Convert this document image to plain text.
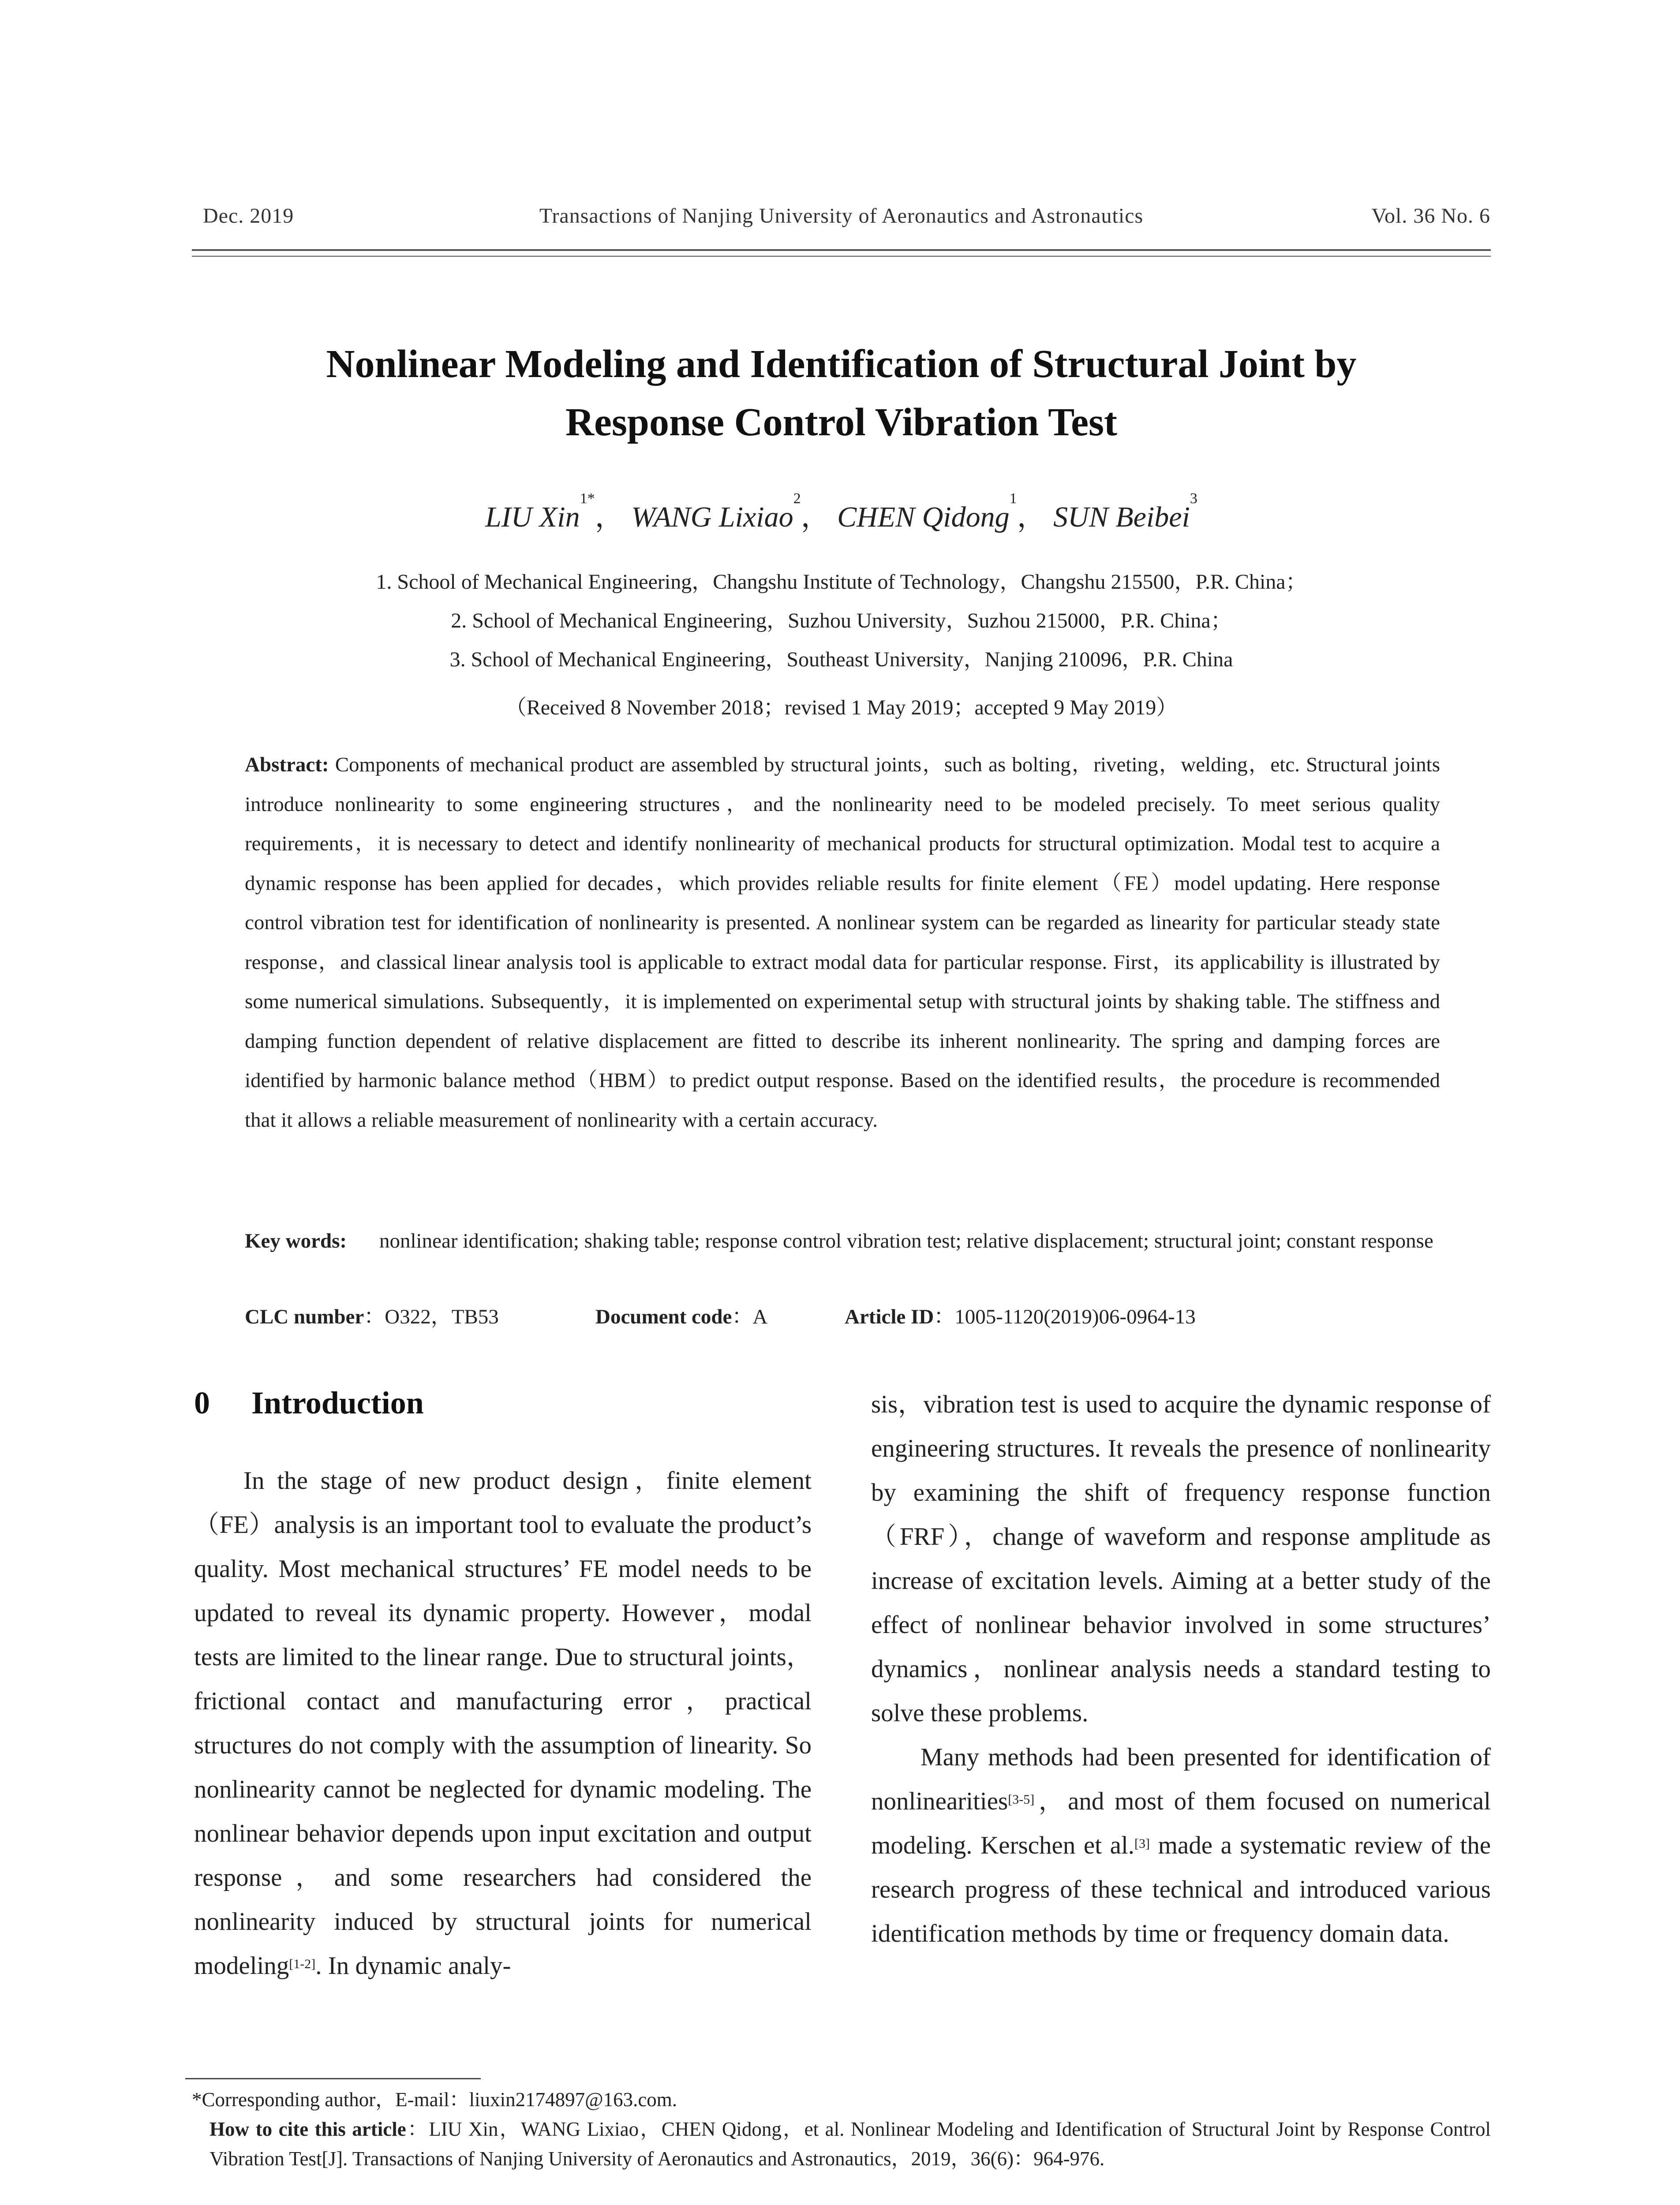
Dec. 2019	Transactions of Nanjing University of Aeronautics and Astronautics	Vol. 36 No. 6
Nonlinear Modeling and Identification of Structural Joint by
Response Control Vibration Test
LIU Xin$^{1*}$， WANG Lixiao$^2$， CHEN Qidong$^1$， SUN Beibei$^3$
1. School of Mechanical Engineering，Changshu Institute of Technology，Changshu 215500，P.R. China；
2. School of Mechanical Engineering，Suzhou University，Suzhou 215000，P.R. China；
3. School of Mechanical Engineering，Southeast University，Nanjing 210096，P.R. China
（Received 8 November 2018；revised 1 May 2019；accepted 9 May 2019）
Abstract: Components of mechanical product are assembled by structural joints，such as bolting，riveting，welding，etc. Structural joints introduce nonlinearity to some engineering structures，and the nonlinearity need to be modeled precisely. To meet serious quality requirements，it is necessary to detect and identify nonlinearity of mechanical products for structural optimization. Modal test to acquire a dynamic response has been applied for decades，which provides reliable results for finite element（FE）model updating. Here response control vibration test for identification of nonlinearity is presented. A nonlinear system can be regarded as linearity for particular steady state response，and classical linear analysis tool is applicable to extract modal data for particular response. First，its applicability is illustrated by some numerical simulations. Subsequently，it is implemented on experimental setup with structural joints by shaking table. The stiffness and damping function dependent of relative displacement are fitted to describe its inherent nonlinearity. The spring and damping forces are identified by harmonic balance method（HBM）to predict output response. Based on the identified results，the procedure is recommended that it allows a reliable measurement of nonlinearity with a certain accuracy.
Key words: nonlinear identification; shaking table; response control vibration test; relative displacement; structural joint; constant response
CLC number：O322，TB53	Document code：A	Article ID：1005-1120(2019)06-0964-13
0 Introduction

In the stage of new product design，finite element（FE）analysis is an important tool to evaluate the product’s quality. Most mechanical structures’ FE model needs to be updated to reveal its dynamic property. However，modal tests are limited to the linear range. Due to structural joints，frictional contact and manufacturing error，practical structures do not comply with the assumption of linearity. So nonlinearity cannot be neglected for dynamic modeling. The nonlinear behavior depends upon input excitation and output response，and some researchers had considered the nonlinearity induced by structural joints for numerical modeling[1-2]. In dynamic analy-

sis，vibration test is used to acquire the dynamic response of engineering structures. It reveals the presence of nonlinearity by examining the shift of frequency response function（FRF），change of waveform and response amplitude as increase of excitation levels. Aiming at a better study of the effect of nonlinear behavior involved in some structures’ dynamics，nonlinear analysis needs a standard testing to solve these problems.

Many methods had been presented for identification of nonlinearities[3-5]，and most of them focused on numerical modeling. Kerschen et al.[3] made a systematic review of the research progress of these technical and introduced various identification methods by time or frequency domain data.

*Corresponding author，E-mail：liuxin2174897@163.com.
How to cite this article：LIU Xin，WANG Lixiao，CHEN Qidong，et al. Nonlinear Modeling and Identification of Structural Joint by Response Control Vibration Test[J]. Transactions of Nanjing University of Aeronautics and Astronautics，2019，36(6)：964-976.
